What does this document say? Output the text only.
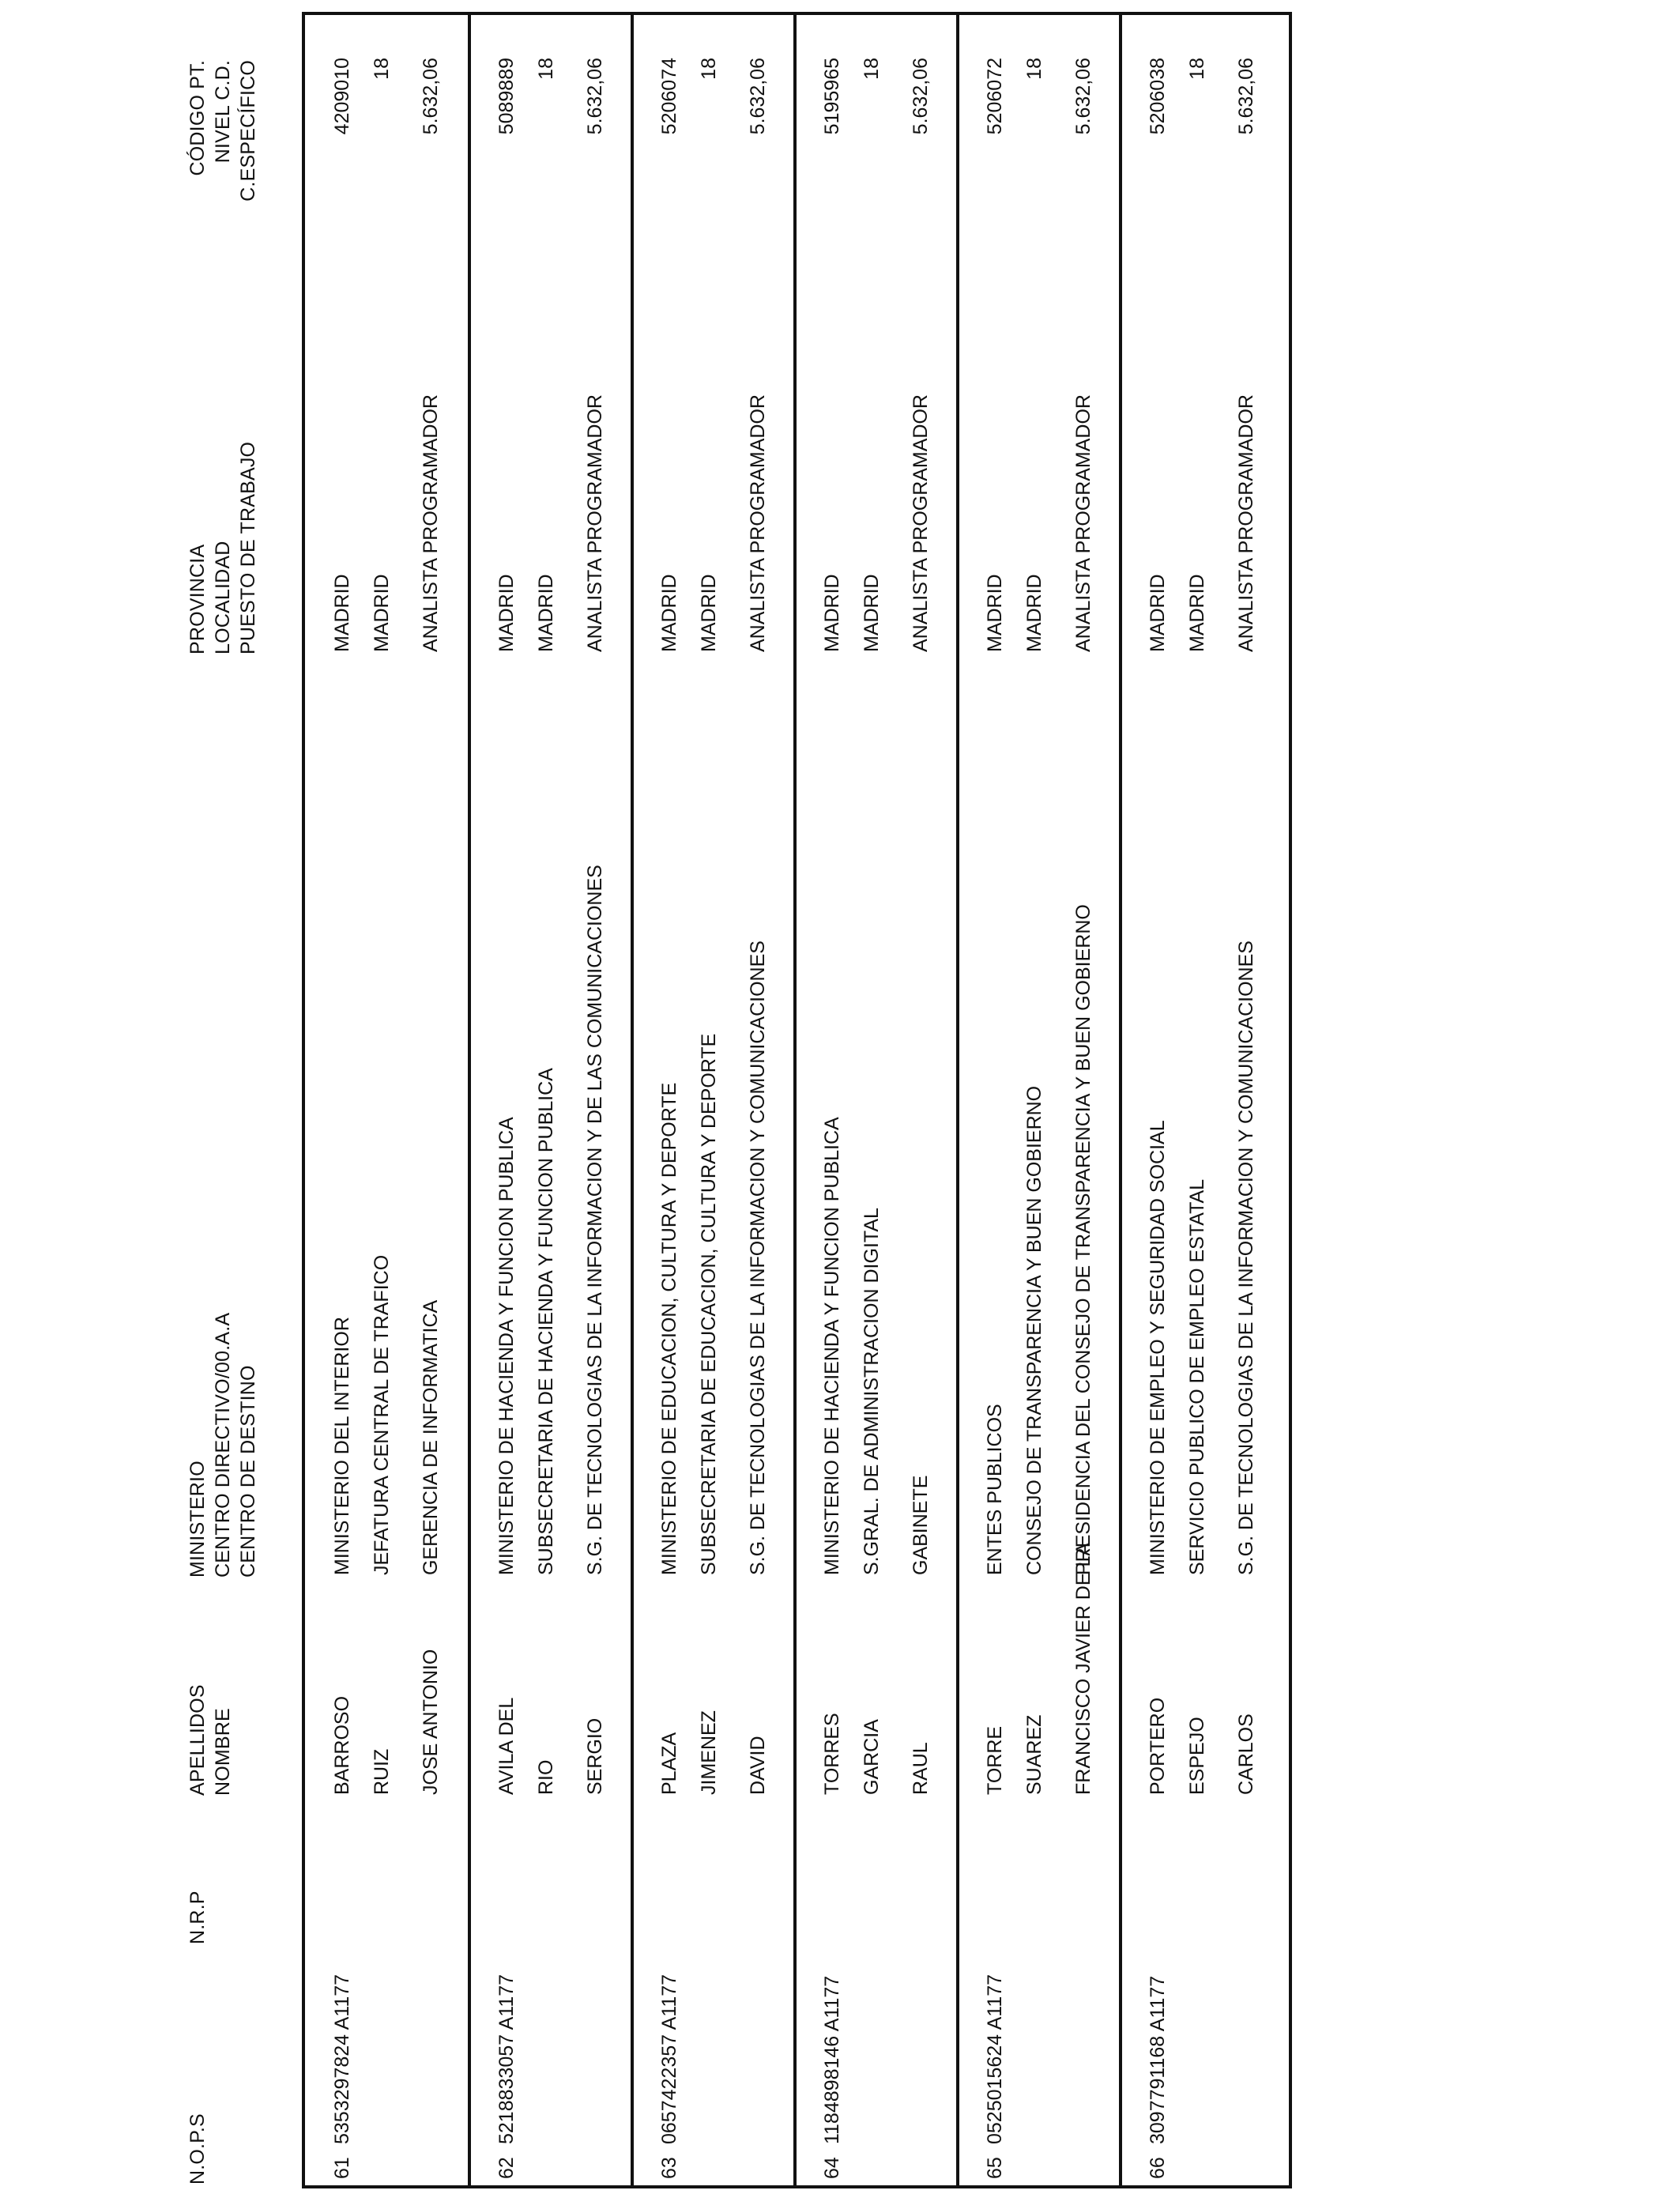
N.O.P.S
N.R.P
APELLIDOS NOMBRE
MINISTERIO CENTRO DIRECTIVO/00.A.A CENTRO DE DESTINO
PROVINCIA LOCALIDAD PUESTO DE TRABAJO
CÓDIGO PT. NIVEL C.D. C.ESPECÍFICO
61
5353297824 A1177
BARROSO RUIZ JOSE ANTONIO
MINISTERIO DEL INTERIOR JEFATURA CENTRAL DE TRAFICO GERENCIA DE INFORMATICA
MADRID MADRID ANALISTA PROGRAMADOR
4209010 18 5.632,06
62
5218833057 A1177
AVILA DEL RIO SERGIO
MINISTERIO DE HACIENDA Y FUNCION PUBLICA SUBSECRETARIA DE HACIENDA Y FUNCION PUBLICA S.G. DE TECNOLOGIAS DE LA INFORMACION Y DE LAS COMUNICACIONES
MADRID MADRID ANALISTA PROGRAMADOR
5089889 18 5.632,06
63
0657422357 A1177
PLAZA JIMENEZ DAVID
MINISTERIO DE EDUCACION, CULTURA Y DEPORTE SUBSECRETARIA DE EDUCACION, CULTURA Y DEPORTE S.G. DE TECNOLOGIAS DE LA INFORMACION Y COMUNICACIONES
MADRID MADRID ANALISTA PROGRAMADOR
5206074 18 5.632,06
64
1184898146 A1177
TORRES GARCIA RAUL
MINISTERIO DE HACIENDA Y FUNCION PUBLICA S.GRAL. DE ADMINISTRACION DIGITAL GABINETE
MADRID MADRID ANALISTA PROGRAMADOR
5195965 18 5.632,06
65
0525015624 A1177
TORRE SUAREZ FRANCISCO JAVIER DE LA
ENTES PUBLICOS CONSEJO DE TRANSPARENCIA Y BUEN GOBIERNO PRESIDENCIA DEL CONSEJO DE TRANSPARENCIA Y BUEN GOBIERNO
MADRID MADRID ANALISTA PROGRAMADOR
5206072 18 5.632,06
66
3097791168 A1177
PORTERO ESPEJO CARLOS
MINISTERIO DE EMPLEO Y SEGURIDAD SOCIAL SERVICIO PUBLICO DE EMPLEO ESTATAL S.G. DE TECNOLOGIAS DE LA INFORMACION Y COMUNICACIONES
MADRID MADRID ANALISTA PROGRAMADOR
5206038 18 5.632,06
